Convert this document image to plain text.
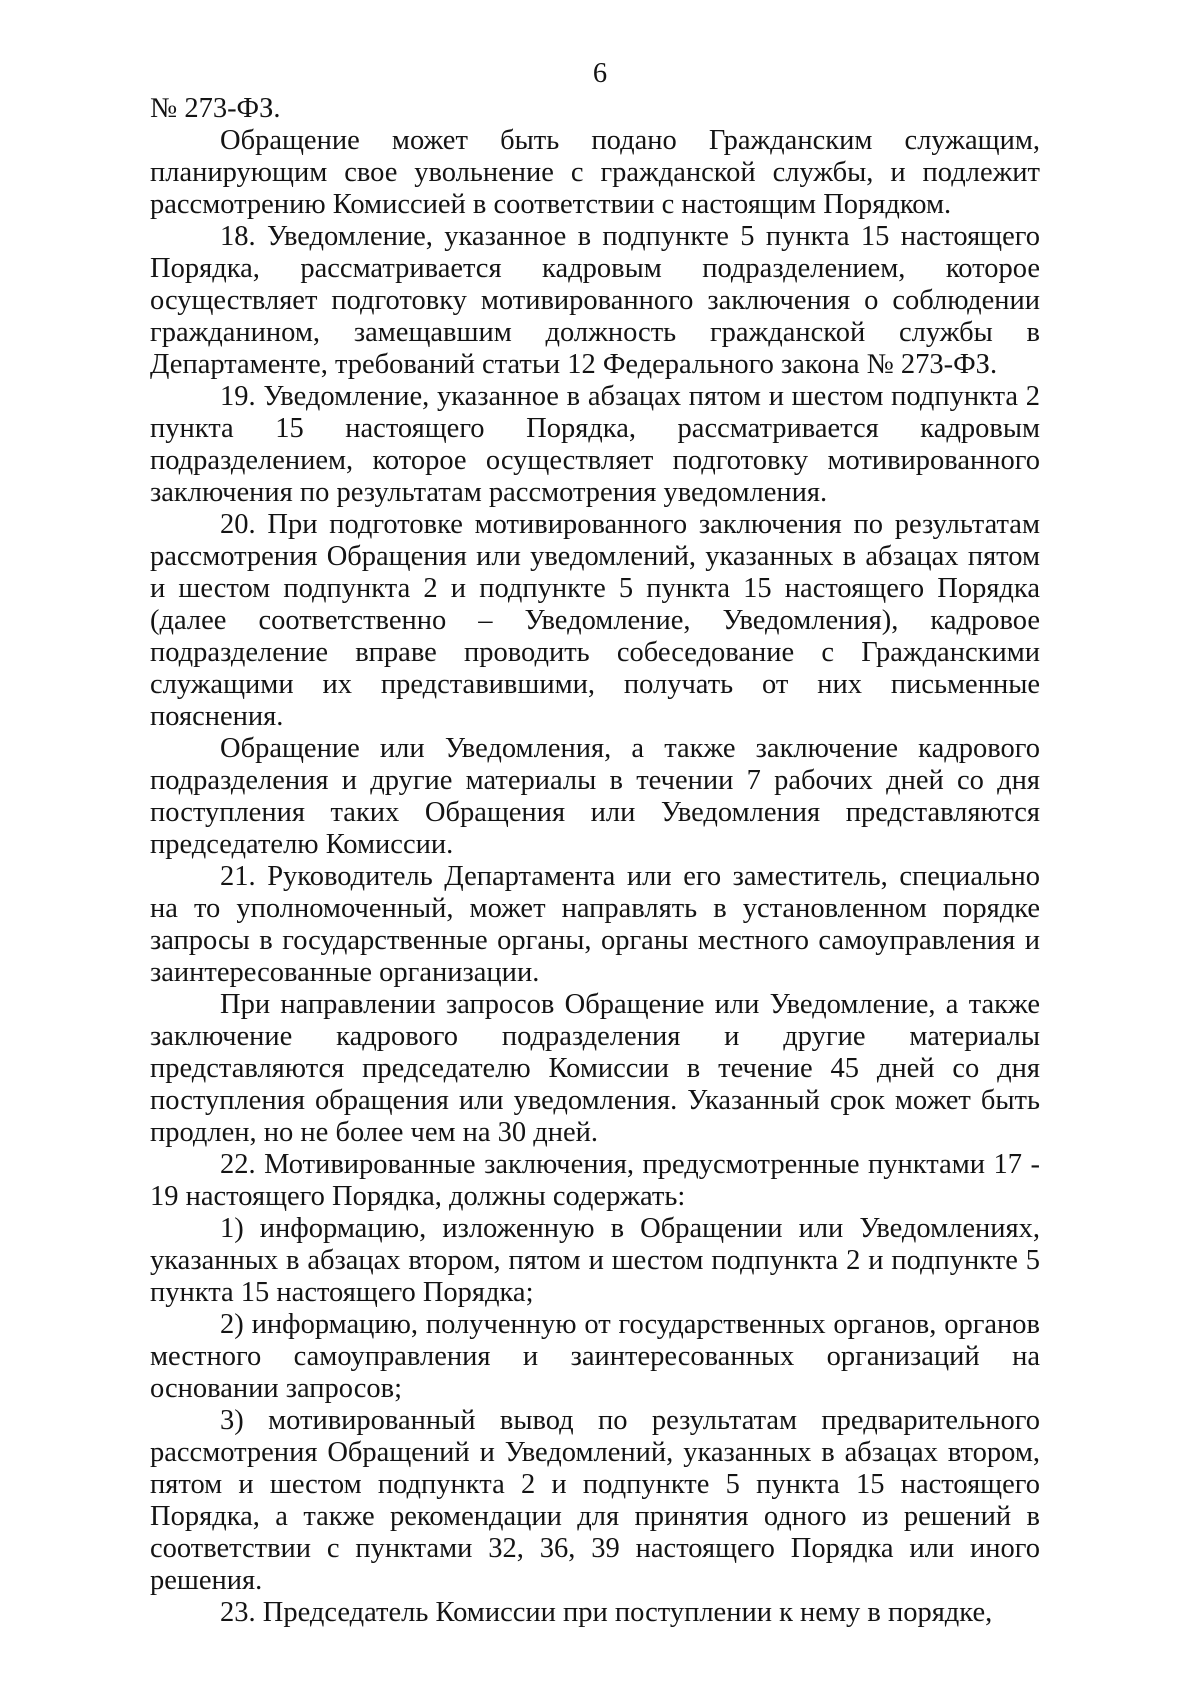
6

№ 273-ФЗ.

Обращение может быть подано Гражданским служащим, планирующим свое увольнение с гражданской службы, и подлежит рассмотрению Комиссией в соответствии с настоящим Порядком.

18. Уведомление, указанное в подпункте 5 пункта 15 настоящего Порядка, рассматривается кадровым подразделением, которое осуществляет подготовку мотивированного заключения о соблюдении гражданином, замещавшим должность гражданской службы в Департаменте, требований статьи 12 Федерального закона № 273-ФЗ.

19. Уведомление, указанное в абзацах пятом и шестом подпункта 2 пункта 15 настоящего Порядка, рассматривается кадровым подразделением, которое осуществляет подготовку мотивированного заключения по результатам рассмотрения уведомления.

20. При подготовке мотивированного заключения по результатам рассмотрения Обращения или уведомлений, указанных в абзацах пятом и шестом подпункта 2 и подпункте 5 пункта 15 настоящего Порядка (далее соответственно – Уведомление, Уведомления), кадровое подразделение вправе проводить собеседование с Гражданскими служащими их представившими, получать от них письменные пояснения.

Обращение или Уведомления, а также заключение кадрового подразделения и другие материалы в течении 7 рабочих дней со дня поступления таких Обращения или Уведомления представляются председателю Комиссии.

21. Руководитель Департамента или его заместитель, специально на то уполномоченный, может направлять в установленном порядке запросы в государственные органы, органы местного самоуправления и заинтересованные организации.

При направлении запросов Обращение или Уведомление, а также заключение кадрового подразделения и другие материалы представляются председателю Комиссии в течение 45 дней со дня поступления обращения или уведомления. Указанный срок может быть продлен, но не более чем на 30 дней.

22. Мотивированные заключения, предусмотренные пунктами 17 - 19 настоящего Порядка, должны содержать:

1) информацию, изложенную в Обращении или Уведомлениях, указанных в абзацах втором, пятом и шестом подпункта 2 и подпункте 5 пункта 15 настоящего Порядка;

2) информацию, полученную от государственных органов, органов местного самоуправления и заинтересованных организаций на основании запросов;

3) мотивированный вывод по результатам предварительного рассмотрения Обращений и Уведомлений, указанных в абзацах втором, пятом и шестом подпункта 2 и подпункте 5 пункта 15 настоящего Порядка, а также рекомендации для принятия одного из решений в соответствии с пунктами 32, 36, 39 настоящего Порядка или иного решения.

23. Председатель Комиссии при поступлении к нему в порядке,
